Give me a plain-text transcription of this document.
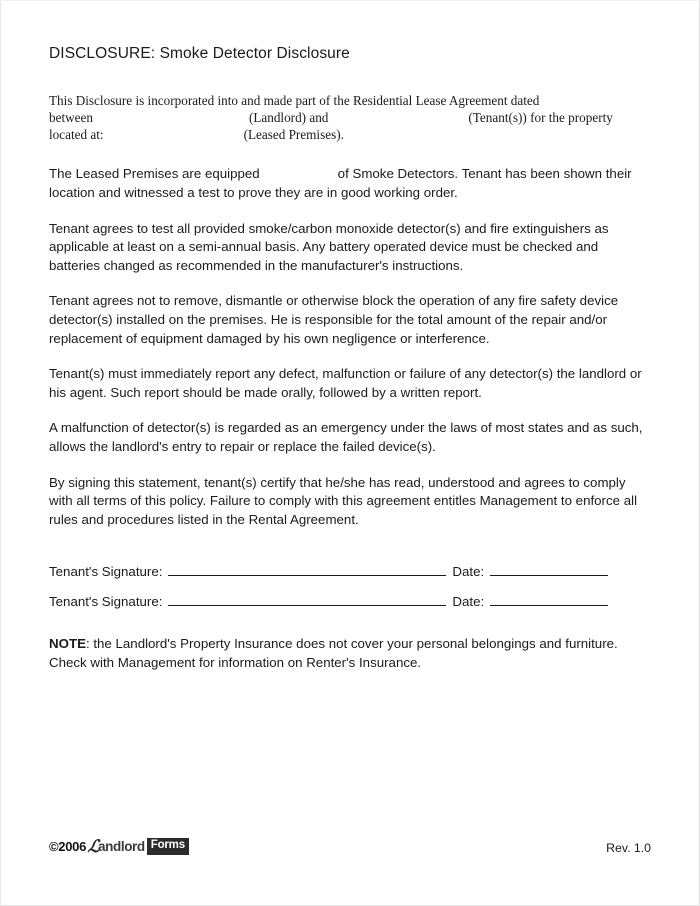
DISCLOSURE: Smoke Detector Disclosure

This Disclosure is incorporated into and made part of the Residential Lease Agreement dated
between	(Landlord) and	(Tenant(s)) for the property
located at:	(Leased Premises).

The Leased Premises are equipped	of Smoke Detectors. Tenant has been shown their location and witnessed a test to prove they are in good working order.

Tenant agrees to test all provided smoke/carbon monoxide detector(s) and fire extinguishers as applicable at least on a semi-annual basis. Any battery operated device must be checked and batteries changed as recommended in the manufacturer's instructions.

Tenant agrees not to remove, dismantle or otherwise block the operation of any fire safety device detector(s) installed on the premises. He is responsible for the total amount of the repair and/or replacement of equipment damaged by his own negligence or interference.

Tenant(s) must immediately report any defect, malfunction or failure of any detector(s) the landlord or his agent. Such report should be made orally, followed by a written report.

A malfunction of detector(s) is regarded as an emergency under the laws of most states and as such, allows the landlord's entry to repair or replace the failed device(s).

By signing this statement, tenant(s) certify that he/she has read, understood and agrees to comply with all terms of this policy. Failure to comply with this agreement entitles Management to enforce all rules and procedures listed in the Rental Agreement.

Tenant's Signature:	Date:
Tenant's Signature:	Date:

NOTE: the Landlord's Property Insurance does not cover your personal belongings and furniture. Check with Management for information on Renter's Insurance.

©2006 ℒ
andlord Forms	Rev. 1.0
